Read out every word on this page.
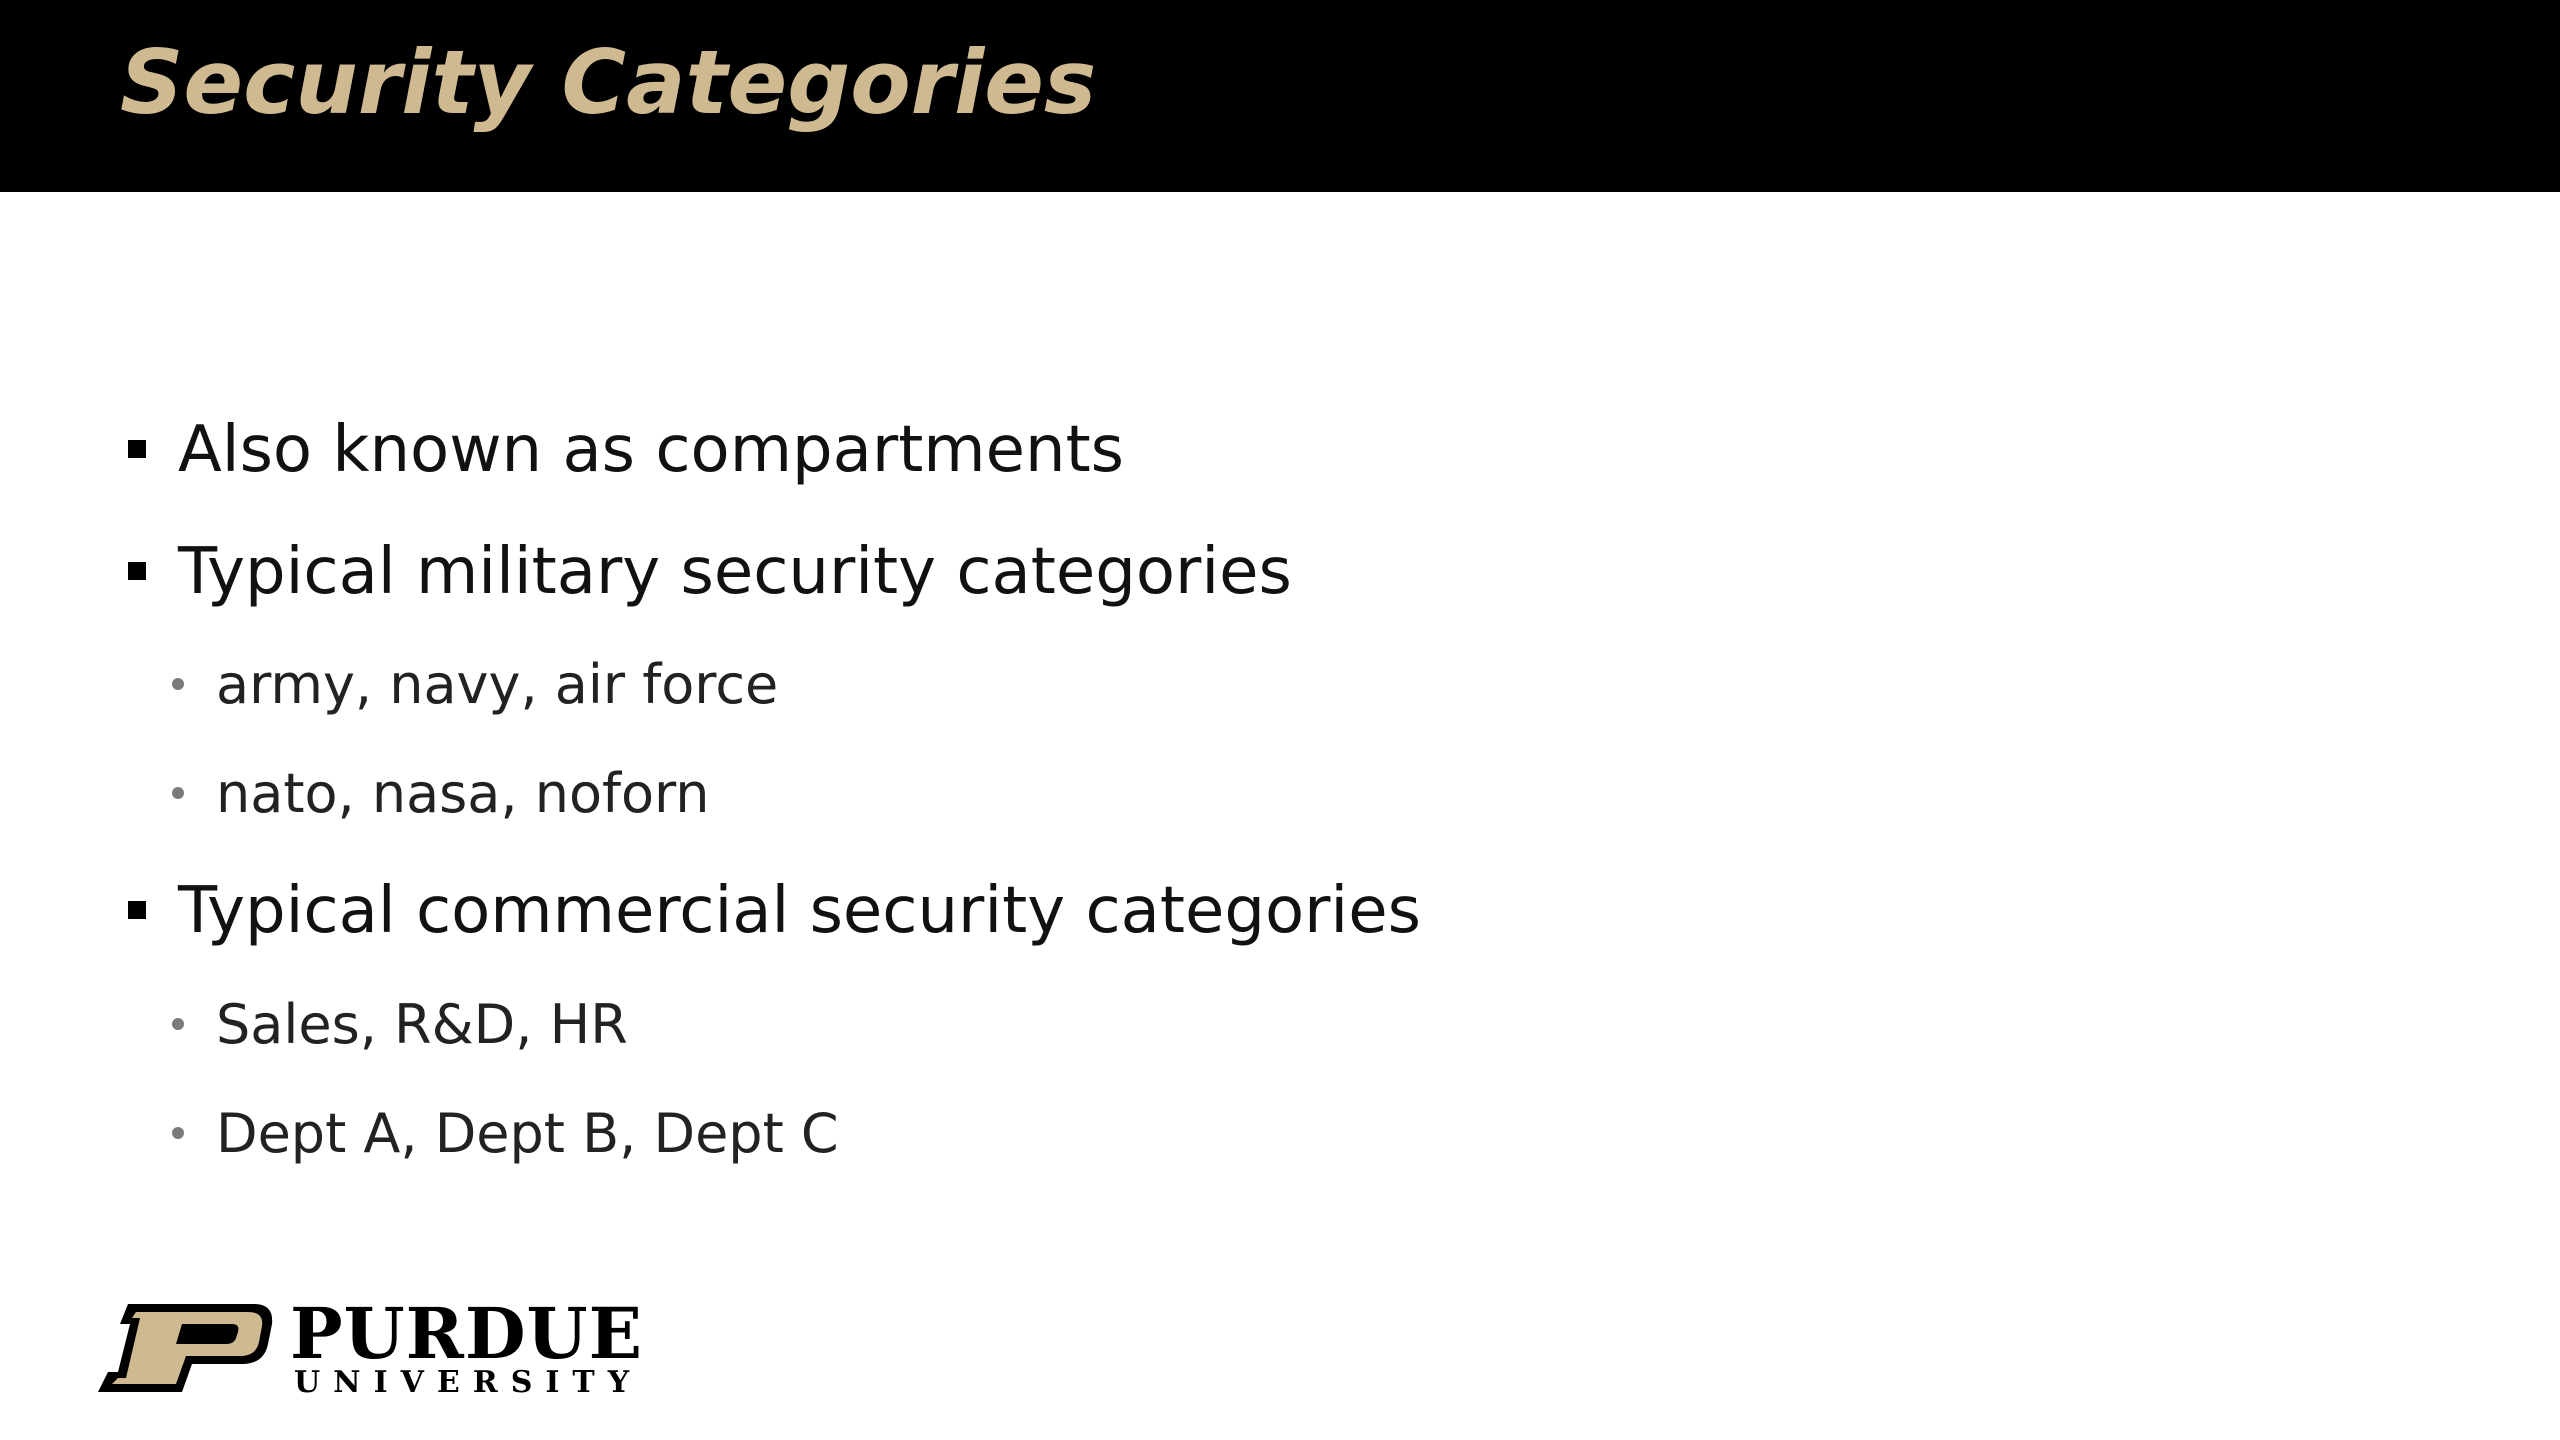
Security Categories
Also known as compartments
Typical military security categories
army, navy, air force
nato, nasa, noforn
Typical commercial security categories
Sales, R&D, HR
Dept A, Dept B, Dept C
PURDUE
UNIVERSITY
